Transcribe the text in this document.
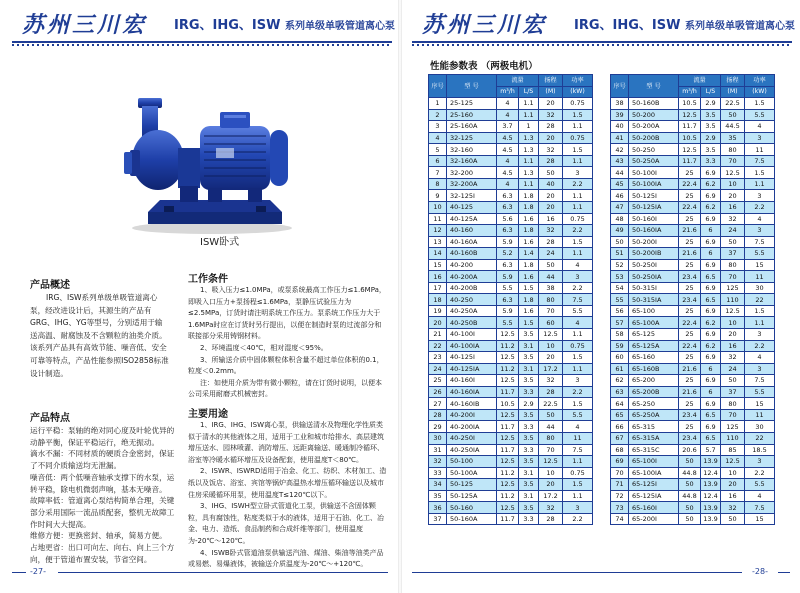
苏州三川宏 IRG、IHG、ISW 系列单级单吸管道离心泵
ISW卧式
产品概述
IRG、ISW系列单级单吸管道离心泵，经改进设计后，其源生的产品有GRG、IHG、YG等型号，分别适用于输送高温、耐腐蚀及不含颗粒的油类介质。该系列产品具有高效节能、噪音低、安全可靠等特点，产品性能参照ISO2858标准设计制造。
产品特点

运行平稳：泵轴的绝对同心度及叶轮优异的动静平衡，保证平稳运行，绝无振动。

滴水不漏：不同材质的硬质合金密封，保证了不同介质输送均无泄漏。

噪音低：两个低噪音轴承支撑下的水泵，运转平稳，除电机微弱声响，基本无噪音。

故障率低：管道离心泵结构简单合理，关键部分采用国际一流品质配套，整机无故障工作时间大大提高。

维修方便：更换密封、轴承，简易方便。

占地更省：出口可向左、向右、向上三个方向，便于管道布置安装，节省空间。

工作条件

1、吸入压力≤1.0MPa，或泵系统最高工作压力≤1.6MPa，即吸入口压力+泵扬程≤1.6MPa，泵静压试验压力为≤2.5MPa，订货时请注明系统工作压力。泵系统工作压力大于1.6MPa时应在订货时另行提出，以便在制造时泵的过流部分和联接部分采用铸钢材料。

2、环境温度＜40℃，相对湿度＜95%。

3、所输送介质中固体颗粒体积含量不超过单位体积的0.1，粒度＜0.2mm。

注：如使用介质为带有微小颗粒，请在订货时说明，以便本公司采用耐磨式机械密封。

主要用途

1、IRG、IHG、ISW离心泵，供输送清水及物理化学性质类似于清水的其他液体之用，适用于工业和城市给排水、高层建筑增压送水、园林喷灌、消防增压、远距离输送、暖通制冷循环、浴室等冷暖水循环增压及设备配套，使用温度T＜80℃。

2、ISWR、ISWRD适用于冶金、化工、纺织、木材加工、造纸以及饭店、浴室、宾馆等锅炉高温热水增压循环输送以及城市住房采暖循环用泵，使用温度T≤120℃以下。

3、IHG、ISWH型立卧式管道化工泵，供输送不含固体颗粒，具有腐蚀性，粘度类似于水的液体，适用于石油、化工、冶金、电力、造纸、食品制药和合成纤维等部门，使用温度为-20℃～120℃。

4、ISWB卧式管道油泵供输送汽油、煤油、柴油等油类产品或易燃、易爆液体，被输送介质温度为-20℃～+120℃。

-27-
苏州三川宏 IRG、IHG、ISW 系列单级单吸管道离心泵
性能参数表 （两极电机）
序号	型 号	流量		扬程	功率
		m³/h	L/S	(M)	(kW)
1	25-125	4	1.1	20	0.75
2	25-160	4	1.1	32	1.5
3	25-160A	3.7	1	28	1.1
4	32-125	4.5	1.3	20	0.75
5	32-160	4.5	1.3	32	1.5
6	32-160A	4	1.1	28	1.1
7	32-200	4.5	1.3	50	3
8	32-200A	4	1.1	40	2.2
9	32-125I	6.3	1.8	20	1.1
10	40-125	6.3	1.8	20	1.1
11	40-125A	5.6	1.6	16	0.75
12	40-160	6.3	1.8	32	2.2
13	40-160A	5.9	1.6	28	1.5
14	40-160B	5.2	1.4	24	1.1
15	40-200	6.3	1.8	50	4
16	40-200A	5.9	1.6	44	3
17	40-200B	5.5	1.5	38	2.2
18	40-250	6.3	1.8	80	7.5
19	40-250A	5.9	1.6	70	5.5
20	40-250B	5.5	1.5	60	4
21	40-100I	12.5	3.5	12.5	1.1
22	40-100IA	11.2	3.1	10	0.75
23	40-125I	12.5	3.5	20	1.5
24	40-125IA	11.2	3.1	17.2	1.1
25	40-160I	12.5	3.5	32	3
26	40-160IA	11.7	3.3	28	2.2
27	40-160IB	10.5	2.9	22.5	1.5
28	40-200I	12.5	3.5	50	5.5
29	40-200IA	11.7	3.3	44	4
30	40-250I	12.5	3.5	80	11
31	40-250IA	11.7	3.3	70	7.5
32	50-100	12.5	3.5	12.5	1.1
33	50-100A	11.2	3.1	10	0.75
34	50-125	12.5	3.5	20	1.5
35	50-125A	11.2	3.1	17.2	1.1
36	50-160	12.5	3.5	32	3
37	50-160A	11.7	3.3	28	2.2
序号	型 号	流量		扬程	功率
		m³/h	L/S	(M)	(kW)
38	50-160B	10.5	2.9	22.5	1.5
39	50-200	12.5	3.5	50	5.5
40	50-200A	11.7	3.5	44.5	4
41	50-200B	10.5	2.9	35	3
42	50-250	12.5	3.5	80	11
43	50-250A	11.7	3.3	70	7.5
44	50-100I	25	6.9	12.5	1.5
45	50-100IA	22.4	6.2	10	1.1
46	50-125I	25	6.9	20	3
47	50-125IA	22.4	6.2	16	2.2
48	50-160I	25	6.9	32	4
49	50-160IA	21.6	6	24	3
50	50-200I	25	6.9	50	7.5
51	50-200IB	21.6	6	37	5.5
52	50-250I	25	6.9	80	15
53	50-250IA	23.4	6.5	70	11
54	50-315I	25	6.9	125	30
55	50-315IA	23.4	6.5	110	22
56	65-100	25	6.9	12.5	1.5
57	65-100A	22.4	6.2	10	1.1
58	65-125	25	6.9	20	3
59	65-125A	22.4	6.2	16	2.2
60	65-160	25	6.9	32	4
61	65-160B	21.6	6	24	3
62	65-200	25	6.9	50	7.5
63	65-200B	21.6	6	37	5.5
64	65-250	25	6.9	80	15
65	65-250A	23.4	6.5	70	11
66	65-315	25	6.9	125	30
67	65-315A	23.4	6.5	110	22
68	65-315C	20.6	5.7	85	18.5
69	65-100I	50	13.9	12.5	3
70	65-100IA	44.8	12.4	10	2.2
71	65-125I	50	13.9	20	5.5
72	65-125IA	44.8	12.4	16	4
73	65-160I	50	13.9	32	7.5
74	65-200I	50	13.9	50	15
-28-
